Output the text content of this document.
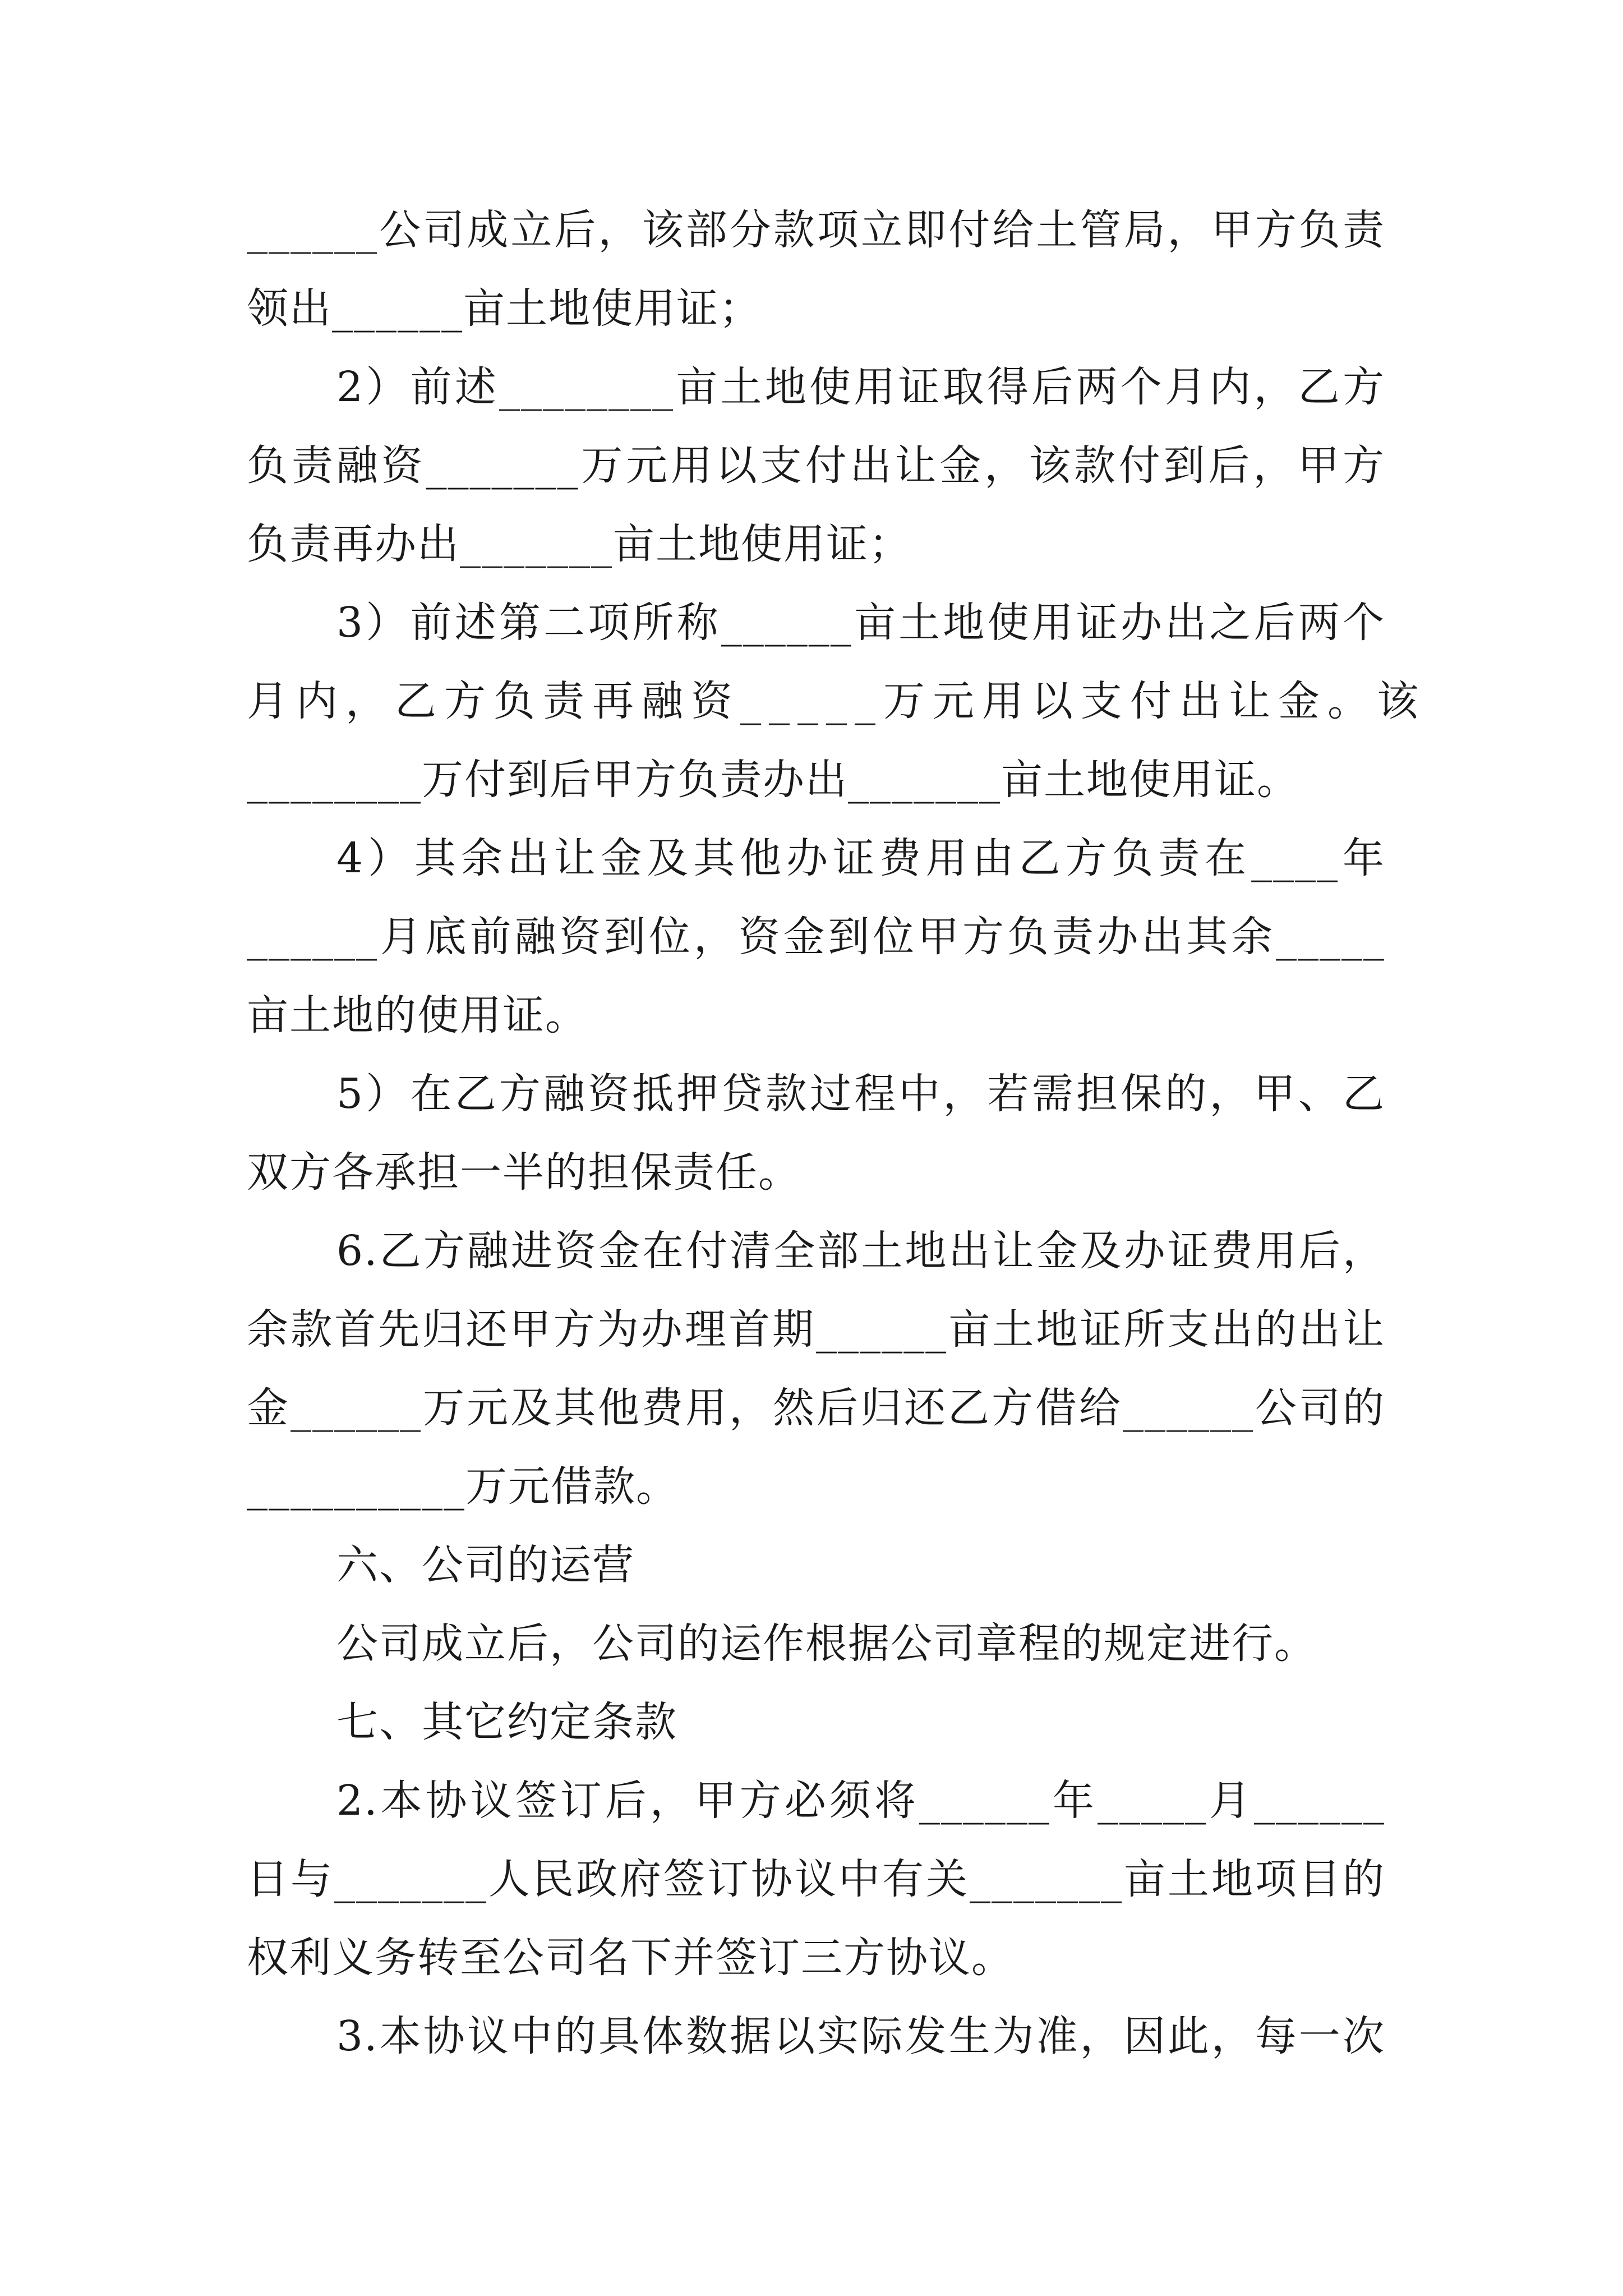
______公司成立后，该部分款项立即付给土管局，甲方负责
领出______亩土地使用证；
2）前述________亩土地使用证取得后两个月内，乙方
负责融资_______万元用以支付出让金，该款付到后，甲方
负责再办出_______亩土地使用证；
3）前述第二项所称______亩土地使用证办出之后两个
月内，乙方负责再融资_____万元用以支付出让金。该
________万付到后甲方负责办出_______亩土地使用证。
4）其余出让金及其他办证费用由乙方负责在____年
______月底前融资到位，资金到位甲方负责办出其余_____
亩土地的使用证。
5）在乙方融资抵押贷款过程中，若需担保的，甲、乙
双方各承担一半的担保责任。
6.乙方融进资金在付清全部土地出让金及办证费用后，
余款首先归还甲方为办理首期______亩土地证所支出的出让
金______万元及其他费用，然后归还乙方借给______公司的
__________万元借款。
六、公司的运营
公司成立后，公司的运作根据公司章程的规定进行。
七、其它约定条款
2.本协议签订后，甲方必须将______年_____月______
日与_______人民政府签订协议中有关_______亩土地项目的
权利义务转至公司名下并签订三方协议。
3.本协议中的具体数据以实际发生为准，因此，每一次
